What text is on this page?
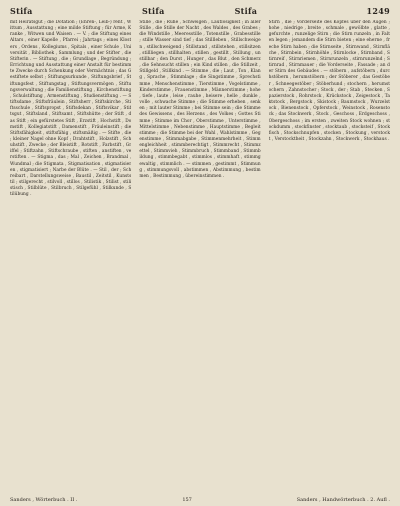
Stifa	Stifa	Stifa	1249

mit Heiratsgut ; die Dotation ; (Ehren-, Leib-) rent , Wittum , Ausstattung ; eine milde Stiftung ; für Arme, Kranke , Witwen und Waisen . — V. ; die Stiftung eines Altars , einer Kapelle , Pfarrei ; Jahrtags ; eines Klosters , Ordens , Kollegiums , Spitals , einer Schule , Universität , Bibliothek , Sammlung ; und der Stifter , die Stifterin . — Stiftung , die ; Grundlage , Begründung ; Errichtung und Ausstattung einer Anstalt für bestimmte Zwecke durch Schenkung oder Vermächtnis ; das Gestiftete selbst ; Stiftungsurkunde , Stiftungsbrief , Stiftungsfest , Stiftungstag , Stiftungsvermögen , Stiftungsverwaltung ; die Familienstiftung , Kirchenstiftung , Schulstiftung , Armenstiftung , Studienstiftung . — Stiftsdame , Stiftsfräulein , Stiftsherr , Stiftskirche , Stiftsschule , Stiftspropst , Stiftsdekan , Stiftsvikar , Stiftsgut , Stiftsland , Stiftsamt , Stiftshütte ; der Stift , das Stift ; ein gefürstetes Stift , Erzstift , Hochstift , Domstift , Kollegiatstift , Damenstift , Fräuleinstift ; die Stiftsfähigkeit , stiftsfähig , stiftsmäßig . — Stifte , die ; kleiner Nagel ohne Kopf ; Drahtstift , Holzstift , Schuhstift , Zwecke ; der Bleistift , Rotstift , Farbstift , Griffel ; Stiftzahn , Stiftschraube , stiften , anstiften , verstiften . — Stigma , das ; Mal , Zeichen , Brandmal , Wundmal ; die Stigmata , Stigmatisation , stigmatisieren , stigmatisiert ; Narbe der Blüte . — Stil , der ; Schreibart , Darstellungsweise , Baustil , Zeitstil , Kunststil ; stilgerecht , stilvoll , stillos , Stilistik , Stilist , stilistisch , Stilblüte , Stilbruch , Stilgefühl , Stilkunde , Stilübung .

Stille , die ; Ruhe , Schweigen , Lautlosigkeit ; in aller Stille , die Stille der Nacht , des Waldes , des Grabes ; die Windstille , Meeresstille , Totenstille , Grabesstille ; stille Wasser sind tief ; das Stillleben , Stillschweigen , stillschweigend ; Stillstand , stillstehen , stillsitzen , stillliegen , stillhalten , stillen , gestillt , Stillung , unstillbar ; den Durst , Hunger , das Blut , den Schmerz , die Sehnsucht stillen ; ein Kind stillen , die Stillzeit , Stillgeld , Stillkind . — Stimme , die ; Laut , Ton , Klang , Sprache , Stimmlage ; die Singstimme , Sprechstimme , Menschenstimme , Tierstimme , Vogelstimme , Kinderstimme , Frauenstimme , Männerstimme ; hohe , tiefe , laute , leise , rauhe , heisere , helle , dunkle , volle , schwache Stimme ; die Stimme erheben , senken ; mit lauter Stimme ; bei Stimme sein ; die Stimme des Gewissens , des Herzens , des Volkes ; Gottes Stimme ; Stimme im Chor , Oberstimme , Unterstimme , Mittelstimme , Nebenstimme , Hauptstimme , Begleitstimme ; die Stimme bei der Wahl , Wahlstimme , Gegenstimme , Stimmabgabe , Stimmenmehrheit , Stimmengleichheit , stimmberechtigt , Stimmrecht , Stimmzettel , Stimmvieh , Stimmbruch , Stimmband , Stimmbildung , stimmbegabt , stimmlos , stimmhaft , stimmgewaltig , stimmlich . — stimmen , gestimmt , Stimmung , stimmungsvoll , abstimmen , Abstimmung , bestimmen , Bestimmung , übereinstimmen .

Stirn , die ; Vorderseite des Kopfes über den Augen ; hohe , niedrige , breite , schmale , gewölbte , glatte , gefurchte , runzelige Stirn ; die Stirn runzeln , in Falten legen ; jemandem die Stirn bieten ; eine eherne , freche Stirn haben ; die Stirnseite , Stirnwand , Stirnfläche , Stirnbein , Stirnhöhle , Stirnlocke , Stirnband , Stirnreif , Stirnriemen , Stirnrunzeln , stirnrunzelnd ; Stirnrad , Stirnmauer ; die Vorderseite , Fassade ; an der Stirn des Gebäudes . — stöbern , aufstöbern , durchstöbern , herumstöbern ; der Stöberer , das Gestöber , Schneegestöber ; Stöberhund ; stochern , herumstochern , Zahnstocher ; Stock , der ; Stab , Stecken , Spazierstock , Rohrstock , Krückstock , Zeigestock , Taktstock , Bergstock , Skistock ; Baumstock , Wurzelstock , Bienenstock , Opferstock , Weinstock , Rosenstock ; das Stockwerk , Stock , Geschoss , Erdgeschoss , Obergeschoss ; im ersten , zweiten Stock wohnen ; stockdumm , stockfinster , stocktaub , stocksteif , Stockfisch , Stockschnupfen , stocken , Stockung , verstockt , Verstocktheit , Stockzahn , Stockwerk , Stockhaus .

Sanders , Wörterbuch . II .	157	Sanders , Handwörterbuch . 2. Aufl .
